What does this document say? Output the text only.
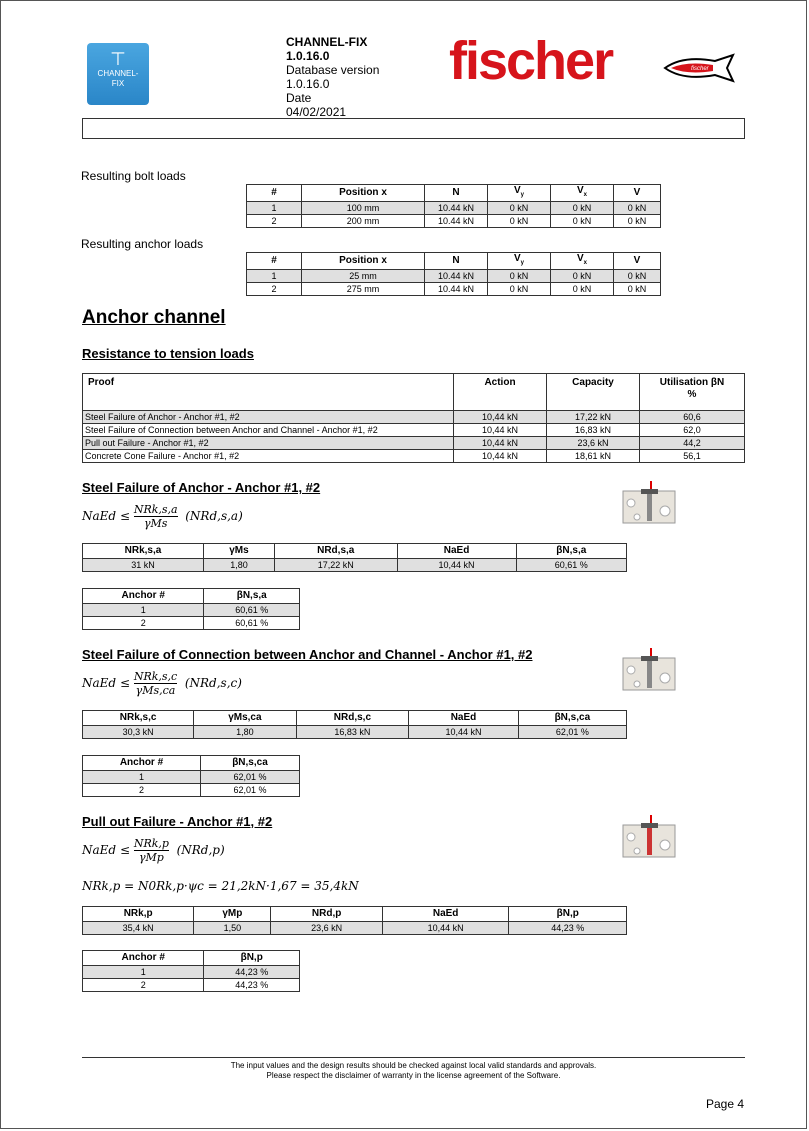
⊤
CHANNEL-
FIX
CHANNEL-FIX
1.0.16.0
Database version
1.0.16.0
Date
04/02/2021
fischer	fischer
Resulting bolt loads
#	Position x	N	$V_y$	$V_x$	V
1	100 mm	10.44 kN	0 kN	0 kN	0 kN
2	200 mm	10.44 kN	0 kN	0 kN	0 kN
Resulting anchor loads
#	Position x	N	$V_y$	$V_x$	V
1	25 mm	10.44 kN	0 kN	0 kN	0 kN
2	275 mm	10.44 kN	0 kN	0 kN	0 kN
Anchor channel
Resistance to tension loads
Proof	Action	Capacity	Utilisation βN
%

Steel Failure of Anchor - Anchor #1, #2	10,44 kN	17,22 kN	60,6
Steel Failure of Connection between Anchor and Channel - Anchor #1, #2	10,44 kN	16,83 kN	62,0
Pull out Failure - Anchor #1, #2	10,44 kN	23,6 kN	44,2
Concrete Cone Failure - Anchor #1, #2	10,44 kN	18,61 kN	56,1
Steel Failure of Anchor - Anchor #1, #2
NaEd ≤ $\frac{\text{NRk,s,a}}{\text{γMs}} (NRd,s,a)$
NRk,s,a	γMs	NRd,s,a	NaEd	βN,s,a
31 kN	1,80	17,22 kN	10,44 kN	60,61 %
Anchor #	βN,s,a
1	60,61 %
2	60,61 %
Steel Failure of Connection between Anchor and Channel - Anchor #1, #2
NaEd ≤ $\frac{\text{NRk,s,c}}{\text{γMs,ca}} (NRd,s,c)$
NRk,s,c	γMs,ca	NRd,s,c	NaEd	βN,s,ca
30,3 kN	1,80	16,83 kN	10,44 kN	62,01 %
Anchor #	βN,s,ca
1	62,01 %
2	62,01 %
Pull out Failure - Anchor #1, #2
NaEd ≤ $\frac{\text{NRk,p}}{\text{γMp}} (NRd,p)$
NRk,p = N0Rk,p·ψc = 21,2kN·1,67 = 35,4kN
NRk,p	γMp	NRd,p	NaEd	βN,p
35,4 kN	1,50	23,6 kN	10,44 kN	44,23 %
Anchor #	βN,p
1	44,23 %
2	44,23 %
The input values and the design results should be checked against local valid standards and approvals.
Please respect the disclaimer of warranty in the license agreement of the Software.
Page 4
